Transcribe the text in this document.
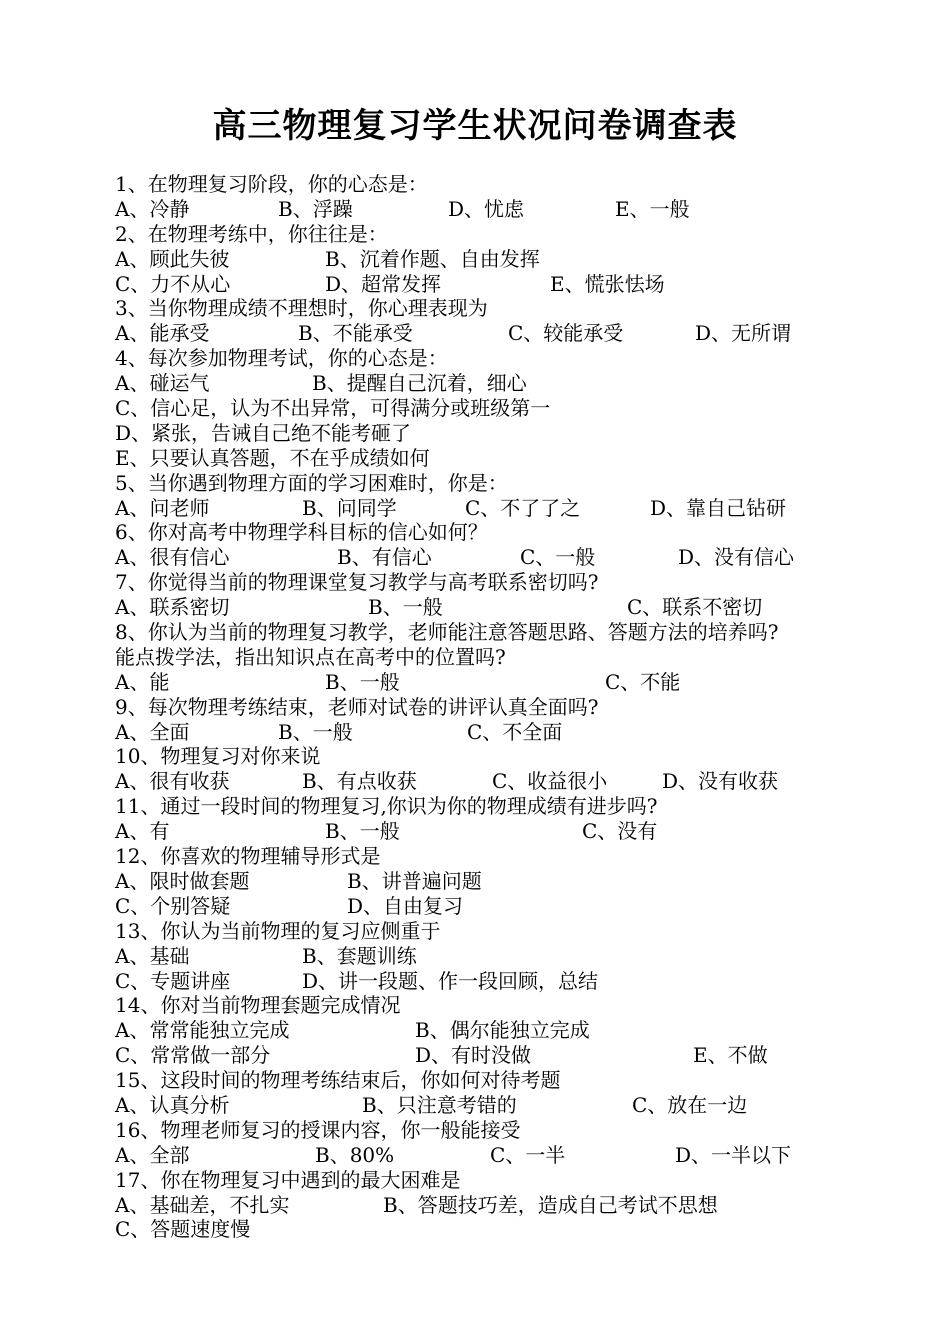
高三物理复习学生状况问卷调查表
1、在物理复习阶段，你的心态是：
A、冷静	B、浮躁	D、忧虑	E、一般
2、在物理考练中，你往往是：
A、顾此失彼	B、沉着作题、自由发挥
C、力不从心	D、超常发挥	E、慌张怯场
3、当你物理成绩不理想时，你心理表现为
A、能承受	B、不能承受	C、较能承受	D、无所谓
4、每次参加物理考试，你的心态是：
A、碰运气	B、提醒自己沉着，细心
C、信心足，认为不出异常，可得满分或班级第一
D、紧张，告诫自己绝不能考砸了
E、只要认真答题，不在乎成绩如何
5、当你遇到物理方面的学习困难时，你是：
A、问老师	B、问同学	C、不了了之	D、靠自己钻研
6、你对高考中物理学科目标的信心如何？
A、很有信心	B、有信心	C、一般	D、没有信心
7、你觉得当前的物理课堂复习教学与高考联系密切吗?
A、联系密切	B、一般	C、联系不密切
8、你认为当前的物理复习教学，老师能注意答题思路、答题方法的培养吗?
能点拨学法，指出知识点在高考中的位置吗?
A、能	B、一般	C、不能
9、每次物理考练结束，老师对试卷的讲评认真全面吗?
A、全面	B、一般	C、不全面
10、物理复习对你来说
A、很有收获	B、有点收获	C、收益很小	D、没有收获
11、通过一段时间的物理复习,你识为你的物理成绩有进步吗?
A、有	B、一般	C、没有
12、你喜欢的物理辅导形式是
A、限时做套题	B、讲普遍问题
C、个别答疑	D、自由复习
13、你认为当前物理的复习应侧重于
A、基础	B、套题训练
C、专题讲座	D、讲一段题、作一段回顾，总结
14、你对当前物理套题完成情况
A、常常能独立完成	B、偶尔能独立完成
C、常常做一部分	D、有时没做	E、不做
15、这段时间的物理考练结束后，你如何对待考题
A、认真分析	B、只注意考错的	C、放在一边
16、物理老师复习的授课内容，你一般能接受
A、全部	B、80%	C、一半	D、一半以下
17、你在物理复习中遇到的最大困难是
A、基础差，不扎实	B、答题技巧差，造成自己考试不思想
C、答题速度慢
